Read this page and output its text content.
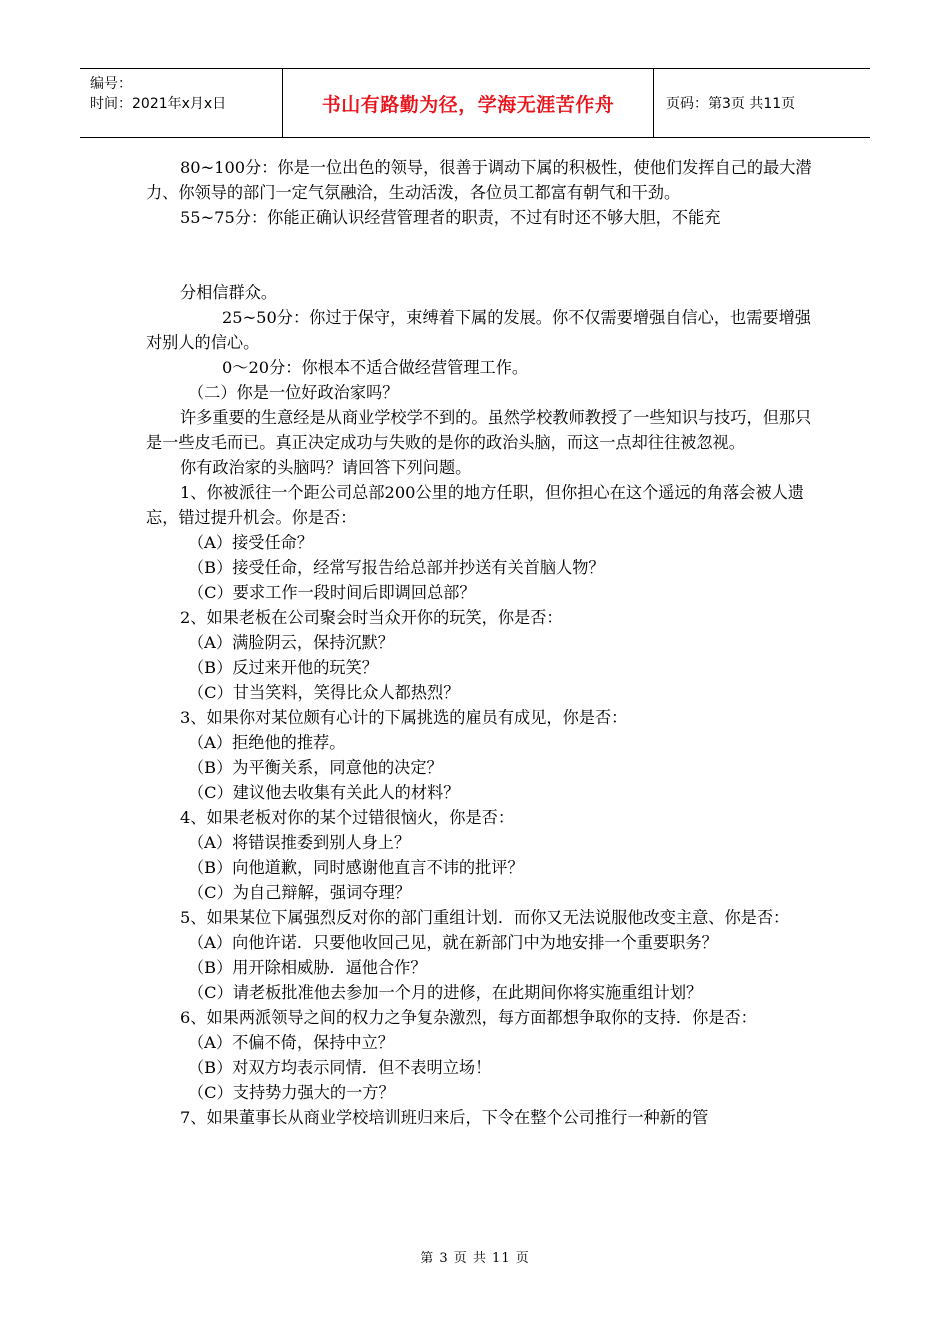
编号：
时间：2021年x月x日	书山有路勤为径，学海无涯苦作舟	页码：第3页 共11页

80~100分：你是一位出色的领导，很善于调动下属的积极性，使他们发挥自己的最大潜力、你领导的部门一定气氛融洽，生动活泼，各位员工都富有朝气和干劲。

55~75分：你能正确认识经营管理者的职责，不过有时还不够大胆，不能充

分相信群众。

25~50分：你过于保守，束缚着下属的发展。你不仅需要增强自信心，也需要增强对别人的信心。

0～20分：你根本不适合做经营管理工作。

（二）你是一位好政治家吗？

许多重要的生意经是从商业学校学不到的。虽然学校教师教授了一些知识与技巧，但那只是一些皮毛而已。真正决定成功与失败的是你的政治头脑，而这一点却往往被忽视。

你有政治家的头脑吗？请回答下列问题。

1、你被派往一个距公司总部200公里的地方任职，但你担心在这个遥远的角落会被人遗忘，错过提升机会。你是否：

（A）接受任命？

（B）接受任命，经常写报告给总部并抄送有关首脑人物？

（C）要求工作一段时间后即调回总部？

2、如果老板在公司聚会时当众开你的玩笑，你是否：

（A）满脸阴云，保持沉默？

（B）反过来开他的玩笑？

（C）甘当笑料，笑得比众人都热烈？

3、如果你对某位颇有心计的下属挑选的雇员有成见，你是否：

（A）拒绝他的推荐。

（B）为平衡关系，同意他的决定？

（C）建议他去收集有关此人的材料？

4、如果老板对你的某个过错很恼火，你是否：

（A）将错误推委到别人身上？

（B）向他道歉，同时感谢他直言不讳的批评？

（C）为自己辩解，强词夺理？

5、如果某位下属强烈反对你的部门重组计划．而你又无法说服他改变主意、你是否：

（A）向他许诺．只要他收回己见，就在新部门中为地安排一个重要职务？

（B）用开除相威胁．逼他合作？

（C）请老板批准他去参加一个月的进修，在此期间你将实施重组计划？

6、如果两派领导之间的权力之争复杂激烈，每方面都想争取你的支持．你是否：

（A）不偏不倚，保持中立？

（B）对双方均表示同情．但不表明立场！

（C）支持势力强大的一方？

7、如果董事长从商业学校培训班归来后，下令在整个公司推行一种新的管

第 3 页 共 11 页
